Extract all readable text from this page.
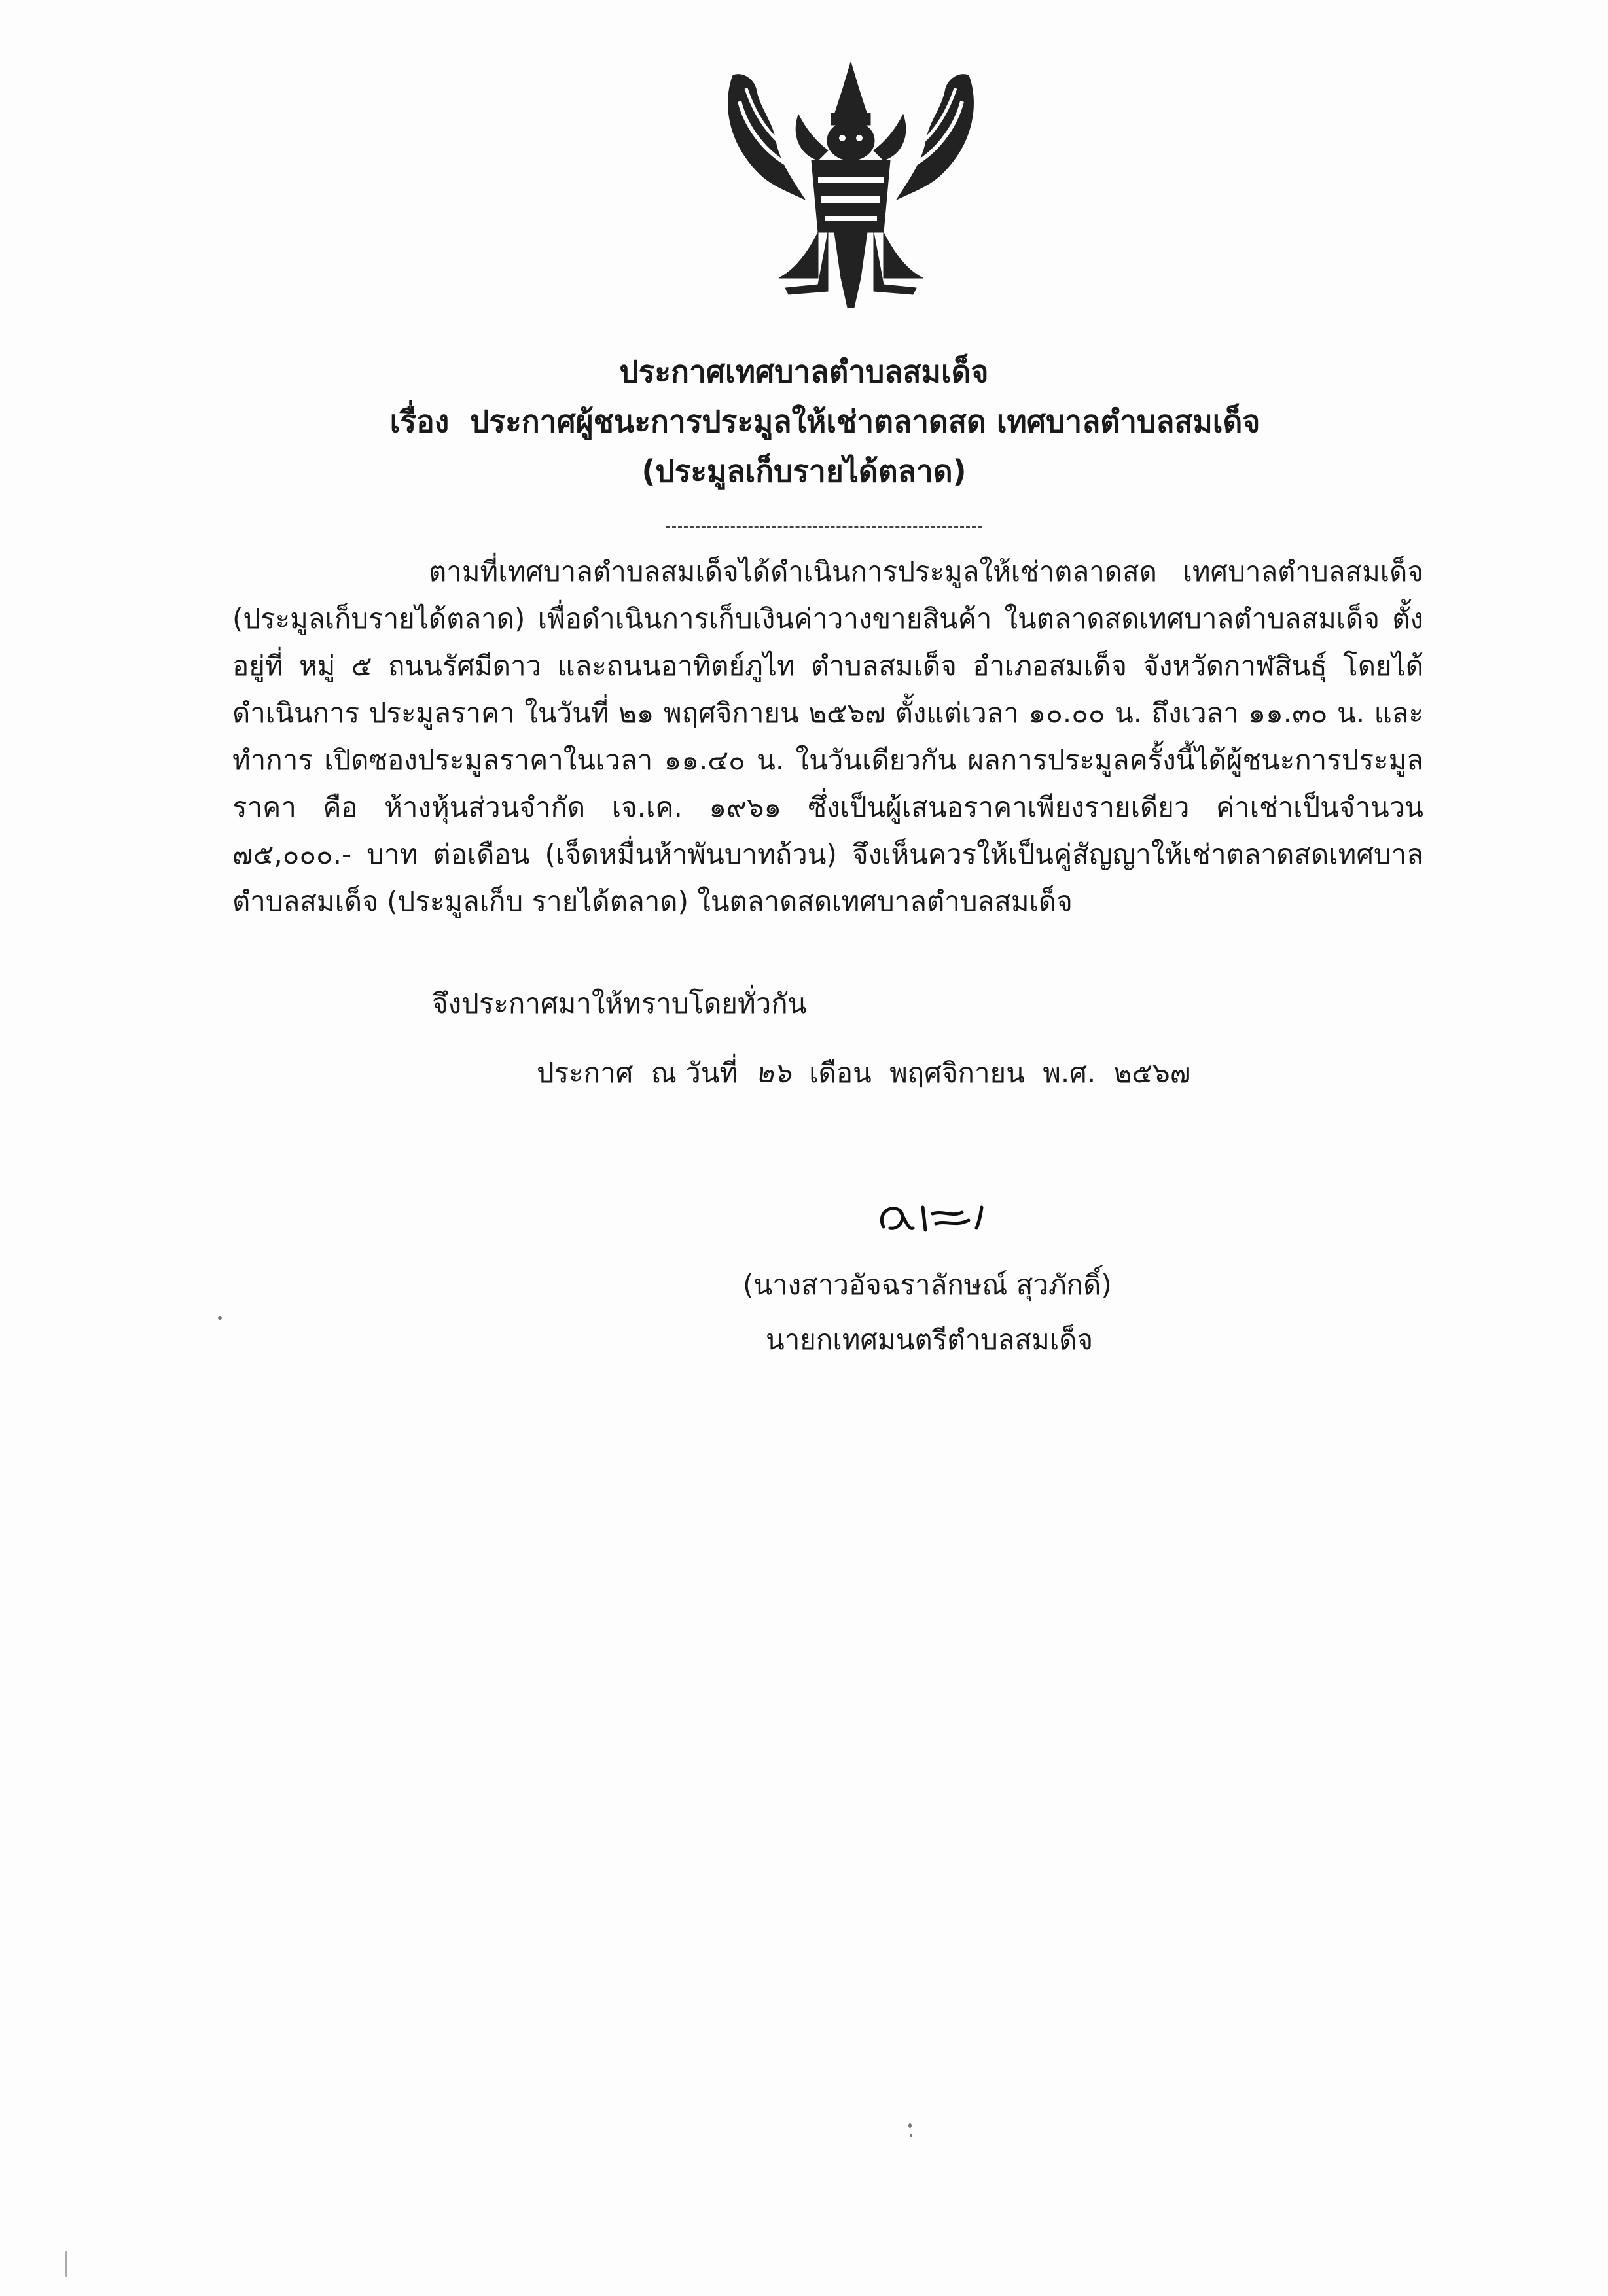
ประกาศเทศบาลตำบลสมเด็จ
เรื่อง ประกาศผู้ชนะการประมูลให้เช่าตลาดสด เทศบาลตำบลสมเด็จ
(ประมูลเก็บรายได้ตลาด)
ตามที่เทศบาลตำบลสมเด็จได้ดำเนินการประมูลให้เช่าตลาดสด เทศบาลตำบลสมเด็จ (ประมูลเก็บรายได้ตลาด) เพื่อดำเนินการเก็บเงินค่าวางขายสินค้า ในตลาดสดเทศบาลตำบลสมเด็จ ตั้งอยู่ที่ หมู่ ๕ ถนนรัศมีดาว และถนนอาทิตย์ภูไท ตำบลสมเด็จ อำเภอสมเด็จ จังหวัดกาฬสินธุ์ โดยได้ดำเนินการ ประมูลราคา ในวันที่ ๒๑ พฤศจิกายน ๒๕๖๗ ตั้งแต่เวลา ๑๐.๐๐ น. ถึงเวลา ๑๑.๓๐ น. และทำการ เปิดซองประมูลราคาในเวลา ๑๑.๔๐ น. ในวันเดียวกัน ผลการประมูลครั้งนี้ได้ผู้ชนะการประมูลราคา คือ ห้างหุ้นส่วนจำกัด เจ.เค. ๑๙๖๑ ซึ่งเป็นผู้เสนอราคาเพียงรายเดียว ค่าเช่าเป็นจำนวน ๗๕,๐๐๐.- บาท ต่อเดือน (เจ็ดหมื่นห้าพันบาทถ้วน) จึงเห็นควรให้เป็นคู่สัญญาให้เช่าตลาดสดเทศบาลตำบลสมเด็จ (ประมูลเก็บ รายได้ตลาด) ในตลาดสดเทศบาลตำบลสมเด็จ
จึงประกาศมาให้ทราบโดยทั่วกัน
ประกาศ ณ วันที่ ๒๖ เดือน พฤศจิกายน พ.ศ. ๒๕๖๗
(นางสาวอัจฉราลักษณ์ สุวภักดิ์)
นายกเทศมนตรีตำบลสมเด็จ
